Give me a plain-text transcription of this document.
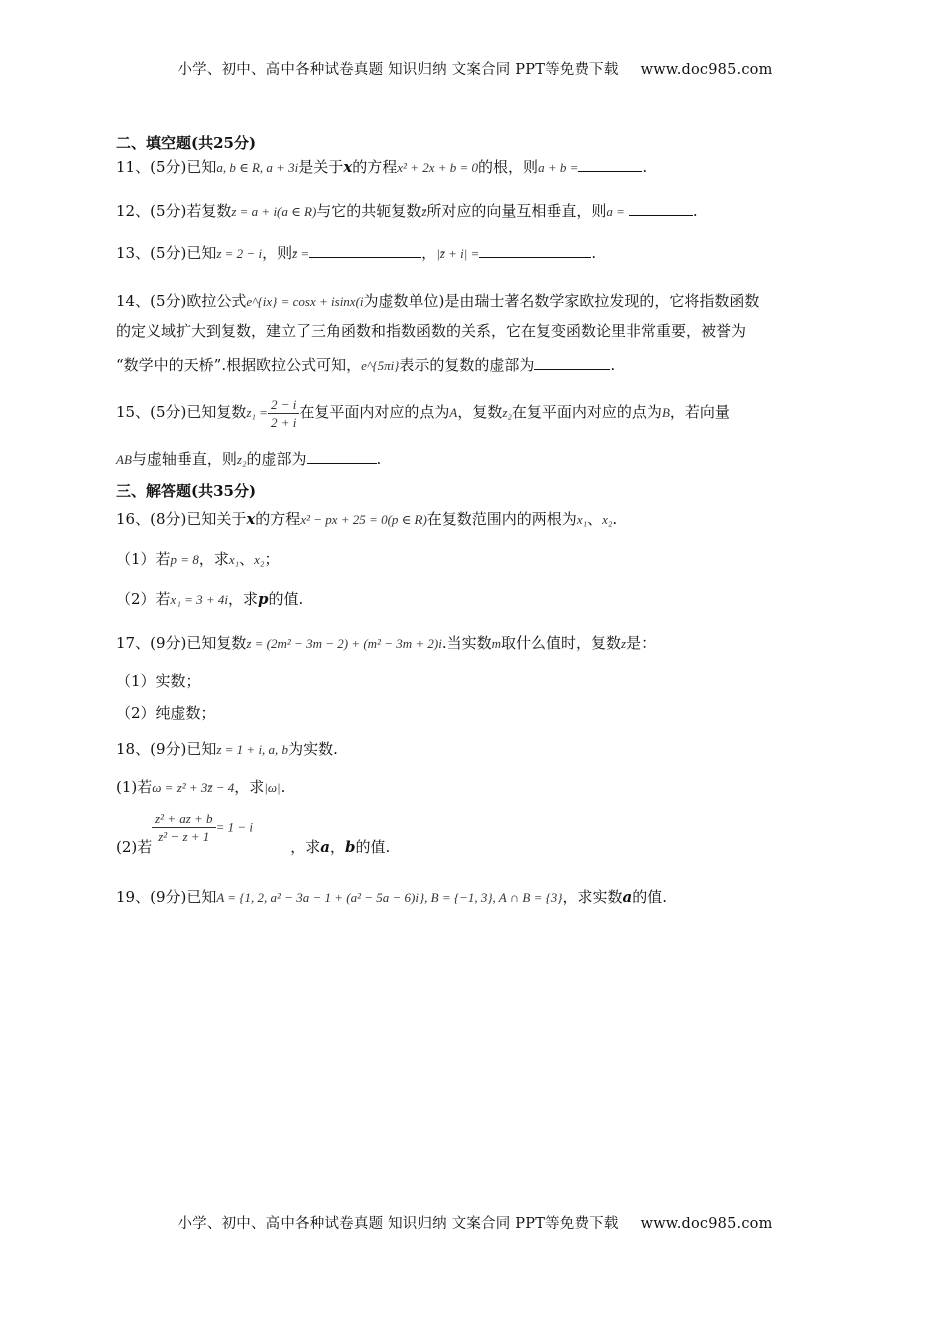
小学、初中、高中各种试卷真题 知识归纳 文案合同 PPT等免费下载 www.doc985.com
二、填空题(共25分)
11、(5分)已知a, b ∈ R, a + 3i是关于x的方程x² + 2x + b = 0的根，则a + b =	.
12、(5分)若复数z = a + i(a ∈ R)与它的共轭复数z̄所对应的向量互相垂直，则a =	.
13、(5分)已知z = 2 − i，则z̄ =	，|z̄ + i| =	.
14、(5分)欧拉公式e^{ix} = cosx + isinx(i为虚数单位)是由瑞士著名数学家欧拉发现的，它将指数函数
的定义域扩大到复数，建立了三角函数和指数函数的关系，它在复变函数论里非常重要，被誉为
“数学中的天桥”.根据欧拉公式可知，e^{5πi}表示的复数的虚部为	.
15、(5分)已知复数$z_1 = \frac{2 - i}{2 + i}$ 在复平面内对应的点为A，复数z₂在复平面内对应的点为B，若向量
AB与虚轴垂直，则z₂的虚部为	.
三、解答题(共35分)
16、(8分)已知关于x的方程x² − px + 25 = 0(p ∈ R)在复数范围内的两根为x₁、x₂.
（1）若p = 8，求x₁、x₂；
（2）若x₁ = 3 + 4i，求p的值.
17、(9分)已知复数z = (2m² − 3m − 2) + (m² − 3m + 2)i.当实数m取什么值时，复数z是：
（1）实数；
（2）纯虚数；
18、(9分)已知z = 1 + i, a, b为实数.
(1)若ω = z² + 3z̄ − 4，求|ω|.
$\frac{\text{z² + az + b}}{\text{z² − z + 1}} = 1 - i$
(2)若	，求a，b的值.
19、(9分)已知A = {1, 2, a² − 3a − 1 + (a² − 5a − 6)i}, B = {−1, 3}, A ∩ B = {3}，求实数a的值.
小学、初中、高中各种试卷真题 知识归纳 文案合同 PPT等免费下载 www.doc985.com
